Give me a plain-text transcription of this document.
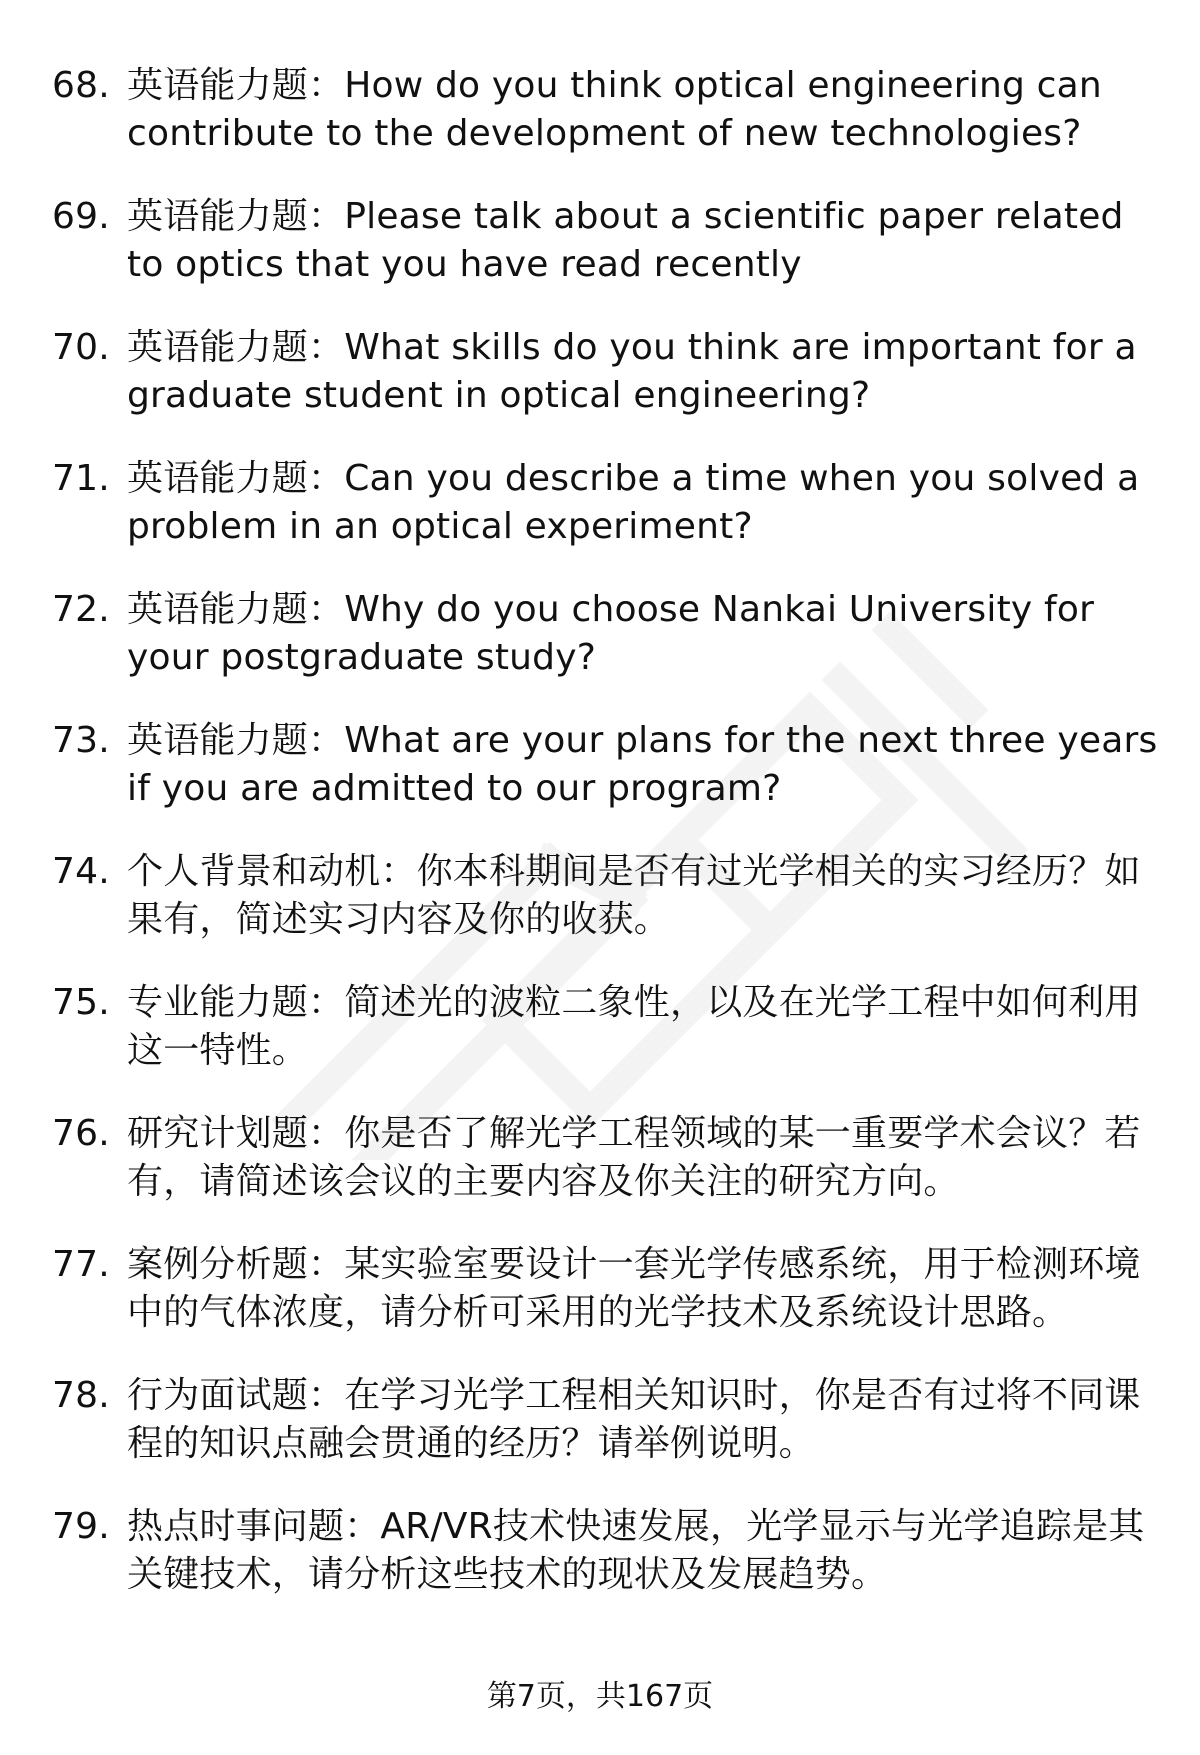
68. 英语能力题：How do you think optical engineering can contribute to the development of new technologies?
69. 英语能力题：Please talk about a scientific paper related to optics that you have read recently
70. 英语能力题：What skills do you think are important for a graduate student in optical engineering?
71. 英语能力题：Can you describe a time when you solved a problem in an optical experiment?
72. 英语能力题：Why do you choose Nankai University for your postgraduate study?
73. 英语能力题：What are your plans for the next three years if you are admitted to our program?
74. 个人背景和动机：你本科期间是否有过光学相关的实习经历？如果有，简述实习内容及你的收获。
75. 专业能力题：简述光的波粒二象性，以及在光学工程中如何利用这一特性。
76. 研究计划题：你是否了解光学工程领域的某一重要学术会议？若有，请简述该会议的主要内容及你关注的研究方向。
77. 案例分析题：某实验室要设计一套光学传感系统，用于检测环境中的气体浓度，请分析可采用的光学技术及系统设计思路。
78. 行为面试题：在学习光学工程相关知识时，你是否有过将不同课程的知识点融会贯通的经历？请举例说明。
79. 热点时事问题：AR/VR技术快速发展，光学显示与光学追踪是其关键技术，请分析这些技术的现状及发展趋势。
第7页，共167页
